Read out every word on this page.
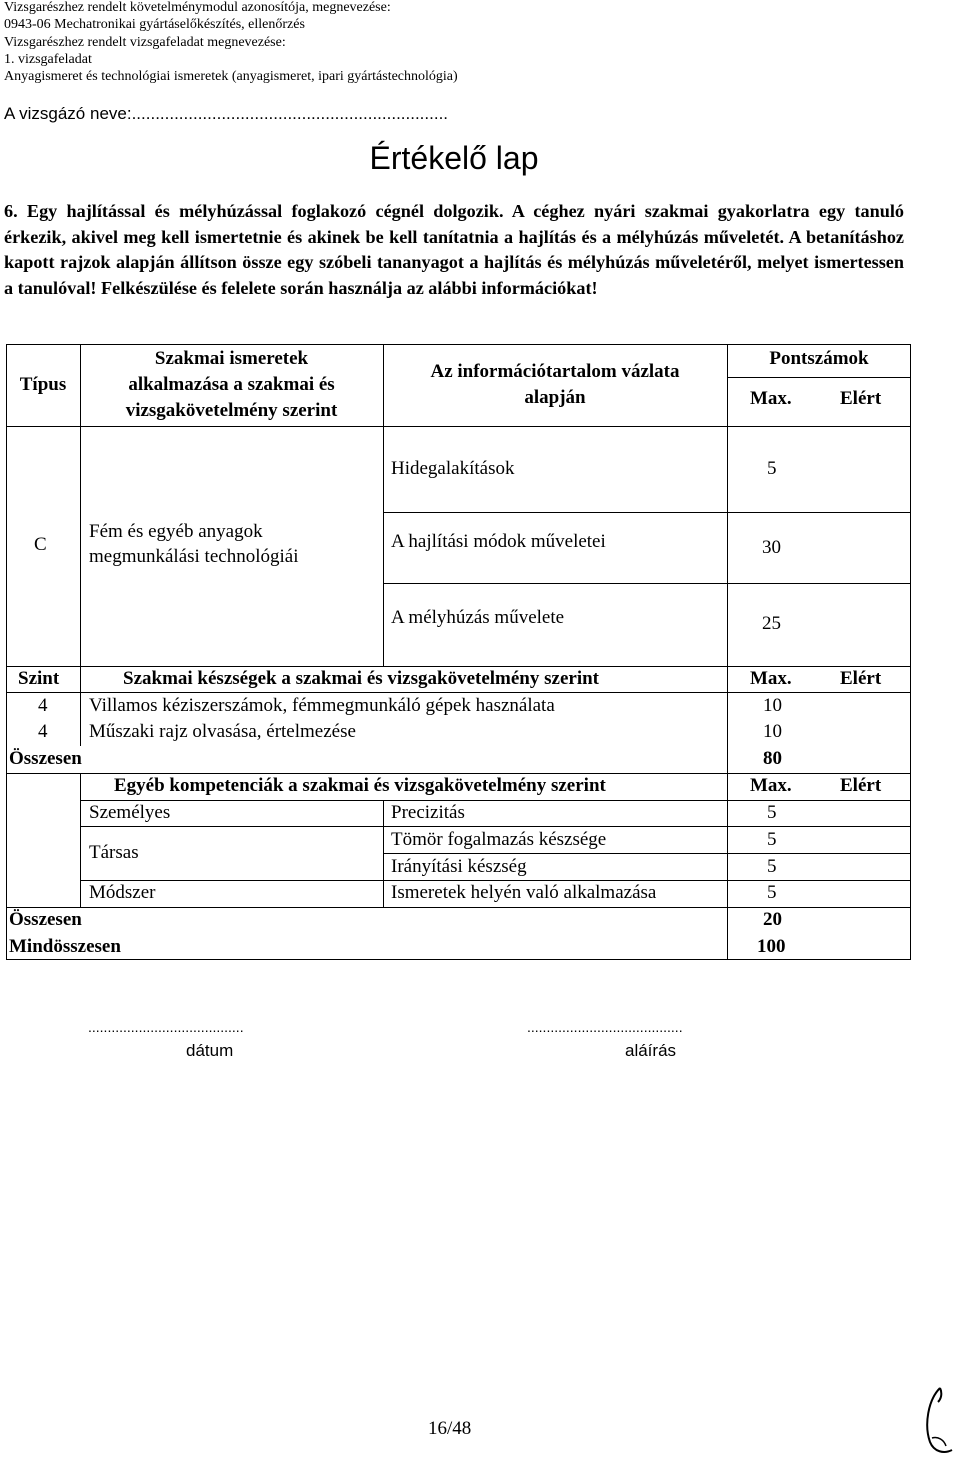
Vizsgarészhez rendelt követelménymodul azonosítója, megnevezése:
0943-06 Mechatronikai gyártáselőkészítés, ellenőrzés
Vizsgarészhez rendelt vizsgafeladat megnevezése:
1. vizsgafeladat
Anyagismeret és technológiai ismeretek (anyagismeret, ipari gyártástechnológia)
A vizsgázó neve:...................................................................
Értékelő lap

6. Egy hajlítással és mélyhúzással foglakozó cégnél dolgozik. A céghez nyári szakmai gyakorlatra egy tanuló érkezik, akivel meg kell ismertetnie és akinek be kell tanítatnia a hajlítás és a mélyhúzás műveletét. A betanításhoz kapott rajzok alapján állítson össze egy szóbeli tananyagot a hajlítás és mélyhúzás műveletéről, melyet ismertessen a tanulóval! Felkészülése és felelete során használja az alábbi információkat!

Típus
Szakmai ismeretek
alkalmazása a szakmai és
vizsgakövetelmény szerint
Az információtartalom vázlata
alapján
Pontszámok
Max.	Elért
C
Fém és egyéb anyagok
megmunkálási technológiái
Hidegalakítások	5
A hajlítási módok műveletei	30
A mélyhúzás művelete	25
Szint	Szakmai készségek a szakmai és vizsgakövetelmény szerint	Max.	Elért
4 Villamos kéziszerszámok, fémmegmunkáló gépek használata	10
4 Műszaki rajz olvasása, értelmezése	10
Összesen	80
Egyéb kompetenciák a szakmai és vizsgakövetelmény szerint	Max.	Elért
Személyes	Precizitás	5
Társas
Tömör fogalmazás készsége	5
Irányítási készség	5
Módszer	Ismeretek helyén való alkalmazása	5
Összesen	20
Mindösszesen	100
........................................	........................................
dátum	aláírás
16/48
